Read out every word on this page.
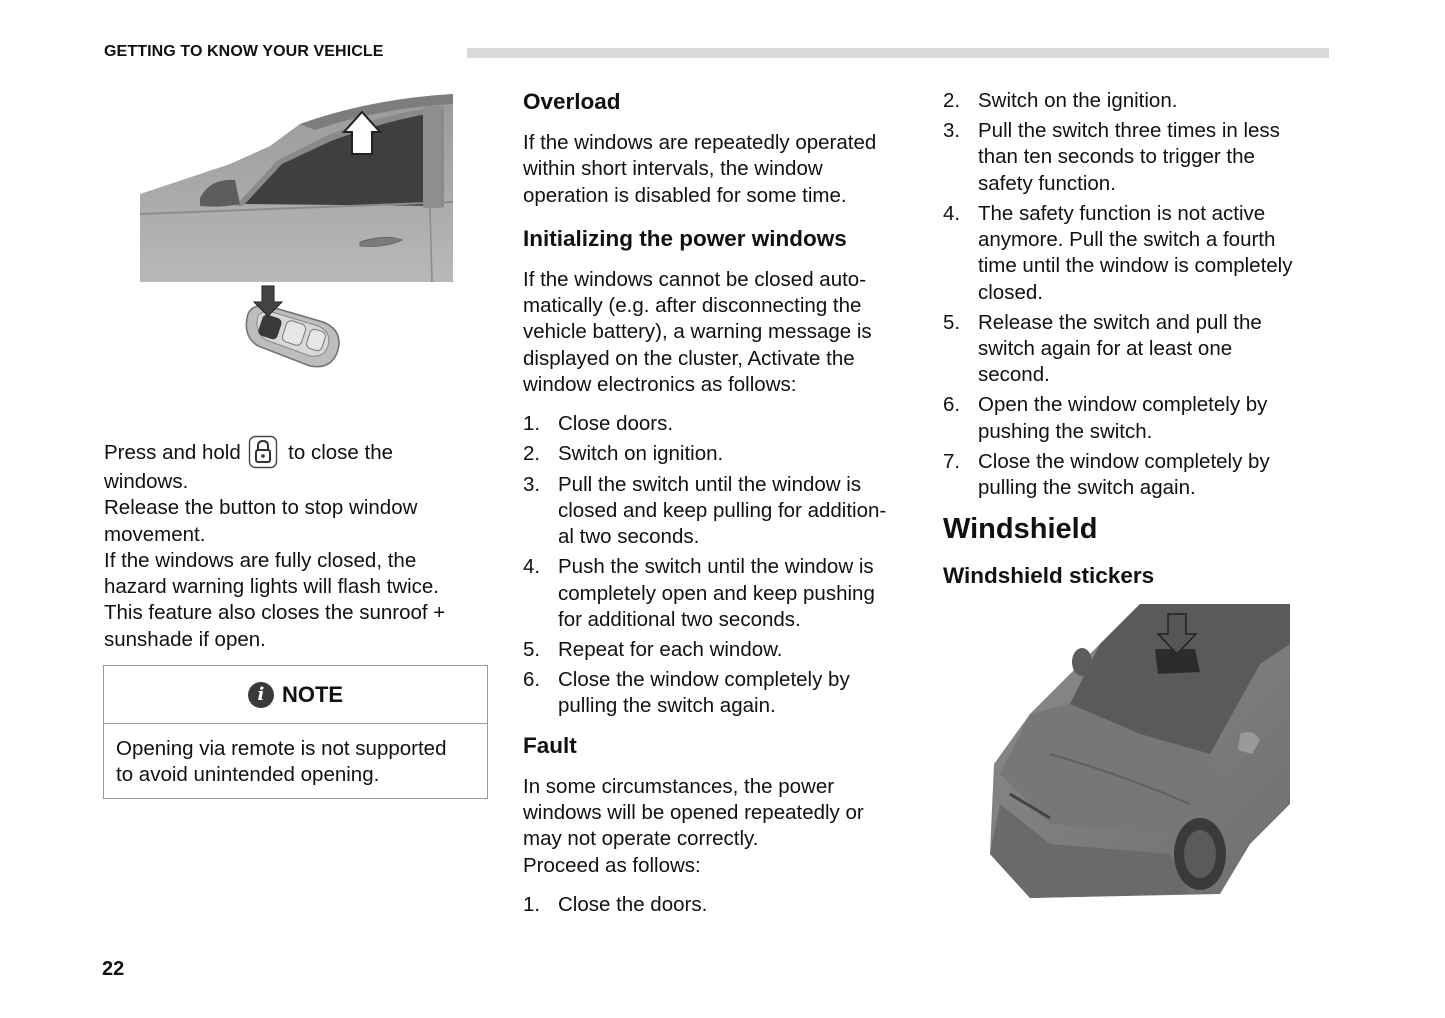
GETTING TO KNOW YOUR VEHICLE
Press and hold to close the
windows.
Release the button to stop window
movement.
If the windows are fully closed, the
hazard warning lights will flash twice.
This feature also closes the sunroof +
sunshade if open.
i NOTE
Opening via remote is not supported
to avoid unintended opening.
Overload
If the windows are repeatedly operated
within short intervals, the window
operation is disabled for some time.
Initializing the power windows
If the windows cannot be closed auto-
matically (e.g. after disconnecting the
vehicle battery), a warning message is
displayed on the cluster, Activate the
window electronics as follows:
1. Close doors.
2. Switch on ignition.
3. Pull the switch until the window is
closed and keep pulling for addition-
al two seconds.
4. Push the switch until the window is
completely open and keep pushing
for additional two seconds.
5. Repeat for each window.
6. Close the window completely by
pulling the switch again.
Fault
In some circumstances, the power
windows will be opened repeatedly or
may not operate correctly.
Proceed as follows:
1. Close the doors.
2. Switch on the ignition.
3. Pull the switch three times in less
than ten seconds to trigger the
safety function.
4. The safety function is not active
anymore. Pull the switch a fourth
time until the window is completely
closed.
5. Release the switch and pull the
switch again for at least one
second.
6. Open the window completely by
pushing the switch.
7. Close the window completely by
pulling the switch again.
Windshield
Windshield stickers
22
